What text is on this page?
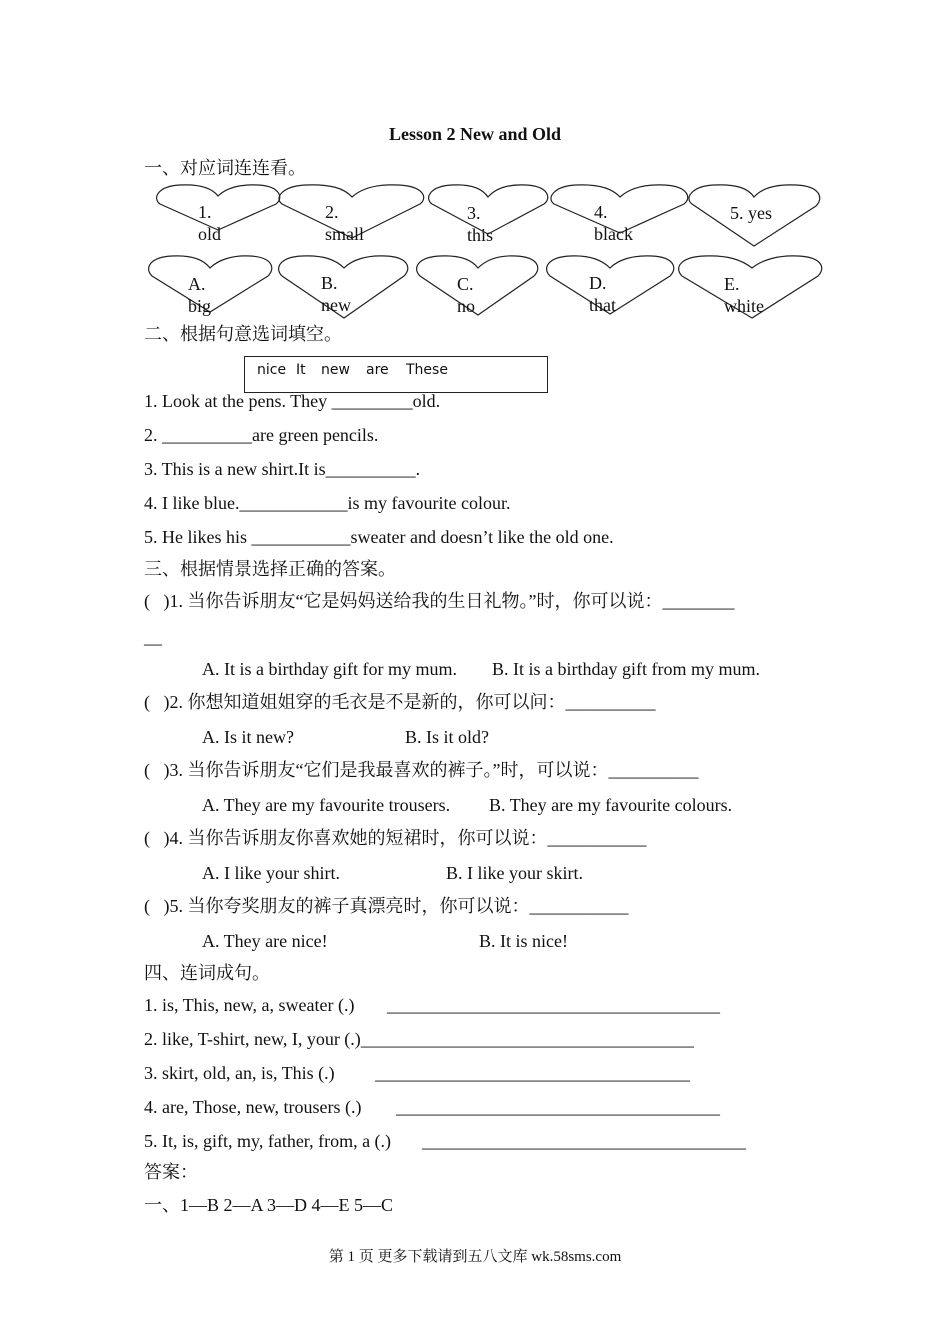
Lesson 2 New and Old
一、对应词连连看。
1.
old
2.
small
3.
this
4.
black
5. yes
A.
big
B.
new
C.
no
D.
that
E.
white
二、根据句意选词填空。
nice It new are These
1. Look at the pens. They _________old.
2. __________are green pencils.
3. This is a new shirt.It is__________.
4. I like blue.____________is my favourite colour.
5. He likes his ___________sweater and doesn’t like the old one.
三、根据情景选择正确的答案。
(   )1. 当你告诉朋友“它是妈妈送给我的生日礼物。”时，你可以说：________
__
A. It is a birthday gift for my mum. B. It is a birthday gift from my mum.
(   )2. 你想知道姐姐穿的毛衣是不是新的，你可以问：__________
A. Is it new?	B. Is it old?
(   )3. 当你告诉朋友“它们是我最喜欢的裤子。”时，可以说：__________
A. They are my favourite trousers. B. They are my favourite colours.
(   )4. 当你告诉朋友你喜欢她的短裙时，你可以说：___________
A. I like your shirt.	B. I like your skirt.
(   )5. 当你夸奖朋友的裤子真漂亮时，你可以说：___________
A. They are nice!	B. It is nice!
四、连词成句。
1. is, This, new, a, sweater (.) _____________________________________
2. like, T-shirt, new, I, your (.)_____________________________________
3. skirt, old, an, is, This (.) ___________________________________
4. are, Those, new, trousers (.) ____________________________________
5. It, is, gift, my, father, from, a (.) ____________________________________
答案：
一、1—B 2—A 3—D 4—E 5—C
第 1 页 更多下载请到五八文库 wk.58sms.com
